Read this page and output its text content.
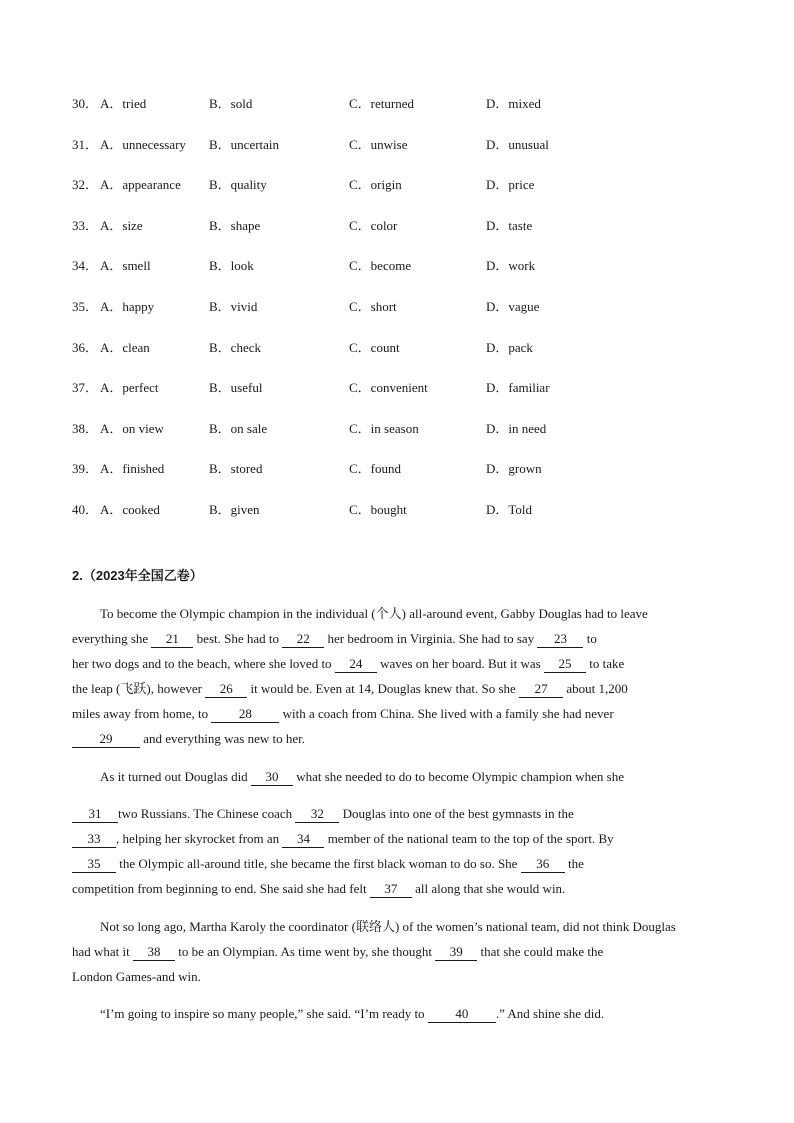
30． A．tried	B．sold	C．returned	D．mixed
31． A．unnecessary B．uncertain	C．unwise	D．unusual
32． A．appearance B．quality	C．origin	D．price
33． A．size	B．shape	C．color	D．taste
34． A．smell	B．look	C．become	D．work
35． A．happy	B．vivid	C．short	D．vague
36． A．clean	B．check	C．count	D．pack
37． A．perfect	B．useful	C．convenient	D．familiar
38． A．on view	B．on sale	C．in season	D．in need
39． A．finished	B．stored	C．found	D．grown
40． A．cooked	B．given	C．bought	D．Told
2.（2023年全国乙卷）
To become the Olympic champion in the individual (个人) all-around event, Gabby Douglas had to leave
everything she 21 best. She had to 22 her bedroom in Virginia. She had to say 23 to
her two dogs and to the beach, where she loved to 24 waves on her board. But it was 25 to take
the leap (飞跃), however 26 it would be. Even at 14, Douglas knew that. So she 27 about 1,200
miles away from home, to 28 with a coach from China. She lived with a family she had never
29 and everything was new to her.
As it turned out Douglas did 30 what she needed to do to become Olympic champion when she
31 two Russians. The Chinese coach 32 Douglas into one of the best gymnasts in the
33 , helping her skyrocket from an 34 member of the national team to the top of the sport. By
35 the Olympic all-around title, she became the first black woman to do so. She 36 the
competition from beginning to end. She said she had felt 37 all along that she would win.
Not so long ago, Martha Karoly the coordinator (联络人) of the women’s national team, did not think Douglas
had what it 38 to be an Olympian. As time went by, she thought 39 that she could make the
London Games-and win.
“I’m going to inspire so many people,” she said. “I’m ready to 40 .” And shine she did.
